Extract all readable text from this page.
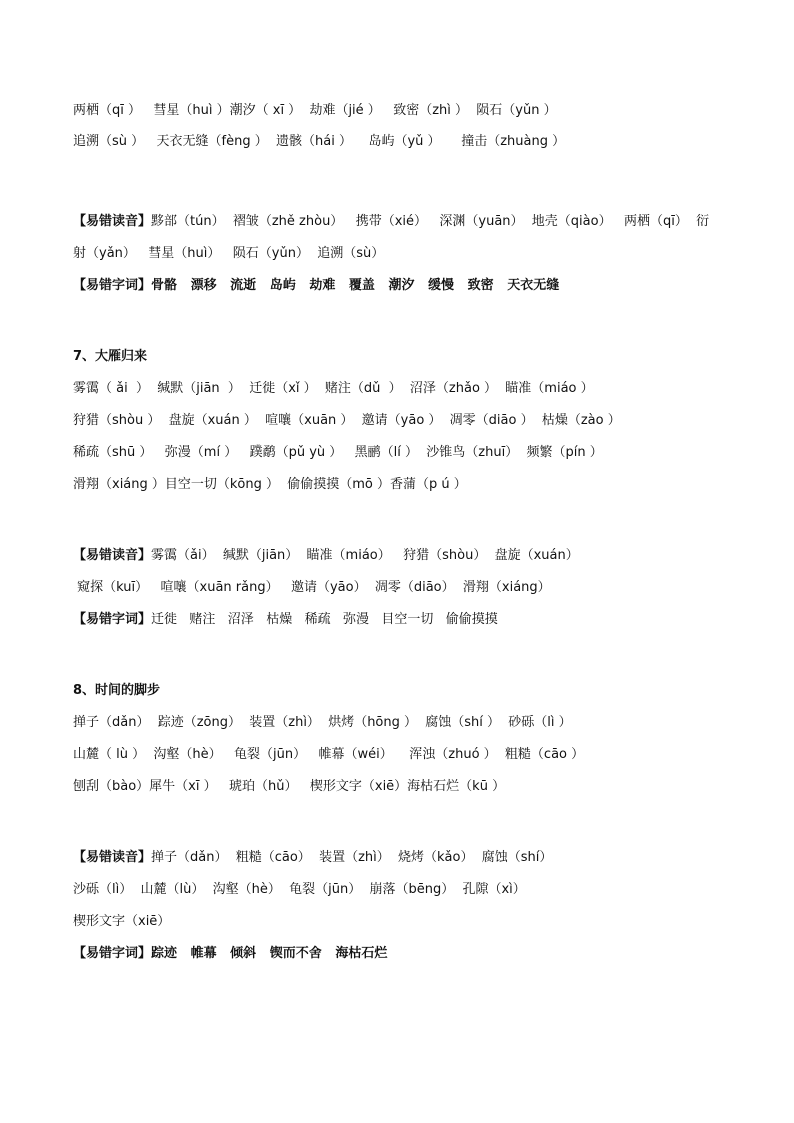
两栖（qī ）   彗星（huì ）潮汐（ xī ）  劫难（jié ）   致密（zhì ）  陨石（yǔn ）
追溯（sù ）   天衣无缝（fèng ）  遗骸（hái ）    岛屿（yǔ ）     撞击（zhuàng ）
【易错读音】黟部（tún）  褶皱（zhě zhòu）   携带（xié）   深渊（yuān）  地壳（qiào）   两栖（qī）  衍
射（yǎn）   彗星（huì）   陨石（yǔn）  追溯（sù）
【易错字词】骨骼   漂移   流逝   岛屿   劫难   覆盖   潮汐   缓慢   致密   天衣无缝
7、大雁归来
雾霭（ ǎi  ）  缄默（jiān  ）  迁徙（xǐ ）  赌注（dǔ  ）  沼泽（zhǎo ）  瞄准（miáo ）
狩猎（shòu ）  盘旋（xuán ）  喧嚷（xuān ）  邀请（yāo ）  凋零（diāo ）  枯燥（zào ）
稀疏（shū ）   弥漫（mí ）   蹼鹬（pǔ yù ）   黑鹂（lí ）  沙锥鸟（zhuī）  频繁（pín ）
滑翔（xiáng ）目空一切（kōng ）  偷偷摸摸（mō ）香蒲（p ú ）
【易错读音】雾霭（ǎi）  缄默（jiān）  瞄准（miáo）   狩猎（shòu）  盘旋（xuán）
窥探（kuī）   喧嚷（xuān rǎng）   邀请（yāo）  凋零（diāo）  滑翔（xiáng）
【易错字词】迁徙   赌注   沼泽   枯燥   稀疏   弥漫   目空一切   偷偷摸摸
8、时间的脚步
掸子（dǎn）  踪迹（zōng）  装置（zhì）  烘烤（hōng ）  腐蚀（shí ）  砂砾（lì ）
山麓（ lù ）  沟壑（hè）   龟裂（jūn）   帷幕（wéi）    浑浊（zhuó ）  粗糙（cāo ）
刨刮（bào）犀牛（xī ）   琥珀（hǔ）   楔形文字（xiē）海枯石烂（kū ）
【易错读音】掸子（dǎn）  粗糙（cāo）  装置（zhì）  烧烤（kǎo）  腐蚀（shí）
沙砾（lì）  山麓（lù）  沟壑（hè）  龟裂（jūn）  崩落（bēng）  孔隙（xì）
楔形文字（xiē）
【易错字词】踪迹   帷幕   倾斜   锲而不舍   海枯石烂
